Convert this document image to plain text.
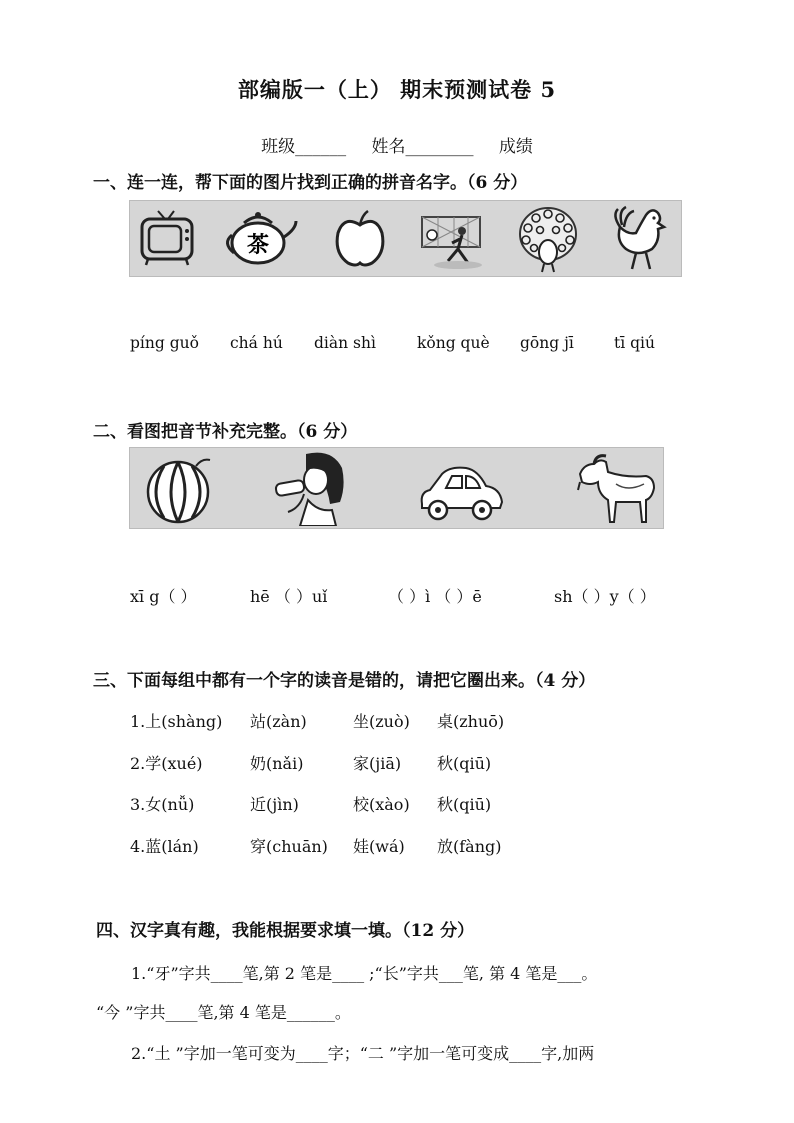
部编版一（上） 期末预测试卷 5
班级______ 姓名________ 成绩
一、连一连，帮下面的图片找到正确的拼音名字。（6 分）
茶
píng guǒ chá hú diàn shì	kǒng què gōng jī	tī qiú
二、看图把音节补充完整。（6 分）
xī g（ ）	hē （ ）uǐ	（ ）ì （ ）ē	sh（ ）y（ ）
三、下面每组中都有一个字的读音是错的，请把它圈出来。（4 分）
1.上(shàng) 站(zàn)	坐(zuò) 桌(zhuō)
2.学(xué)	奶(nǎi)	家(jiā) 秋(qiū)
3.女(nǚ)	近(jìn)	校(xào) 秋(qiū)
4.蓝(lán)	穿(chuān) 娃(wá) 放(fàng)
四、汉字真有趣，我能根据要求填一填。（12 分）
1.“牙”字共____笔,第 2 笔是____ ;“长”字共___笔, 第 4 笔是___。
“今 ”字共____笔,第 4 笔是______。
2.“土 ”字加一笔可变为____字；“二 ”字加一笔可变成____字,加两
